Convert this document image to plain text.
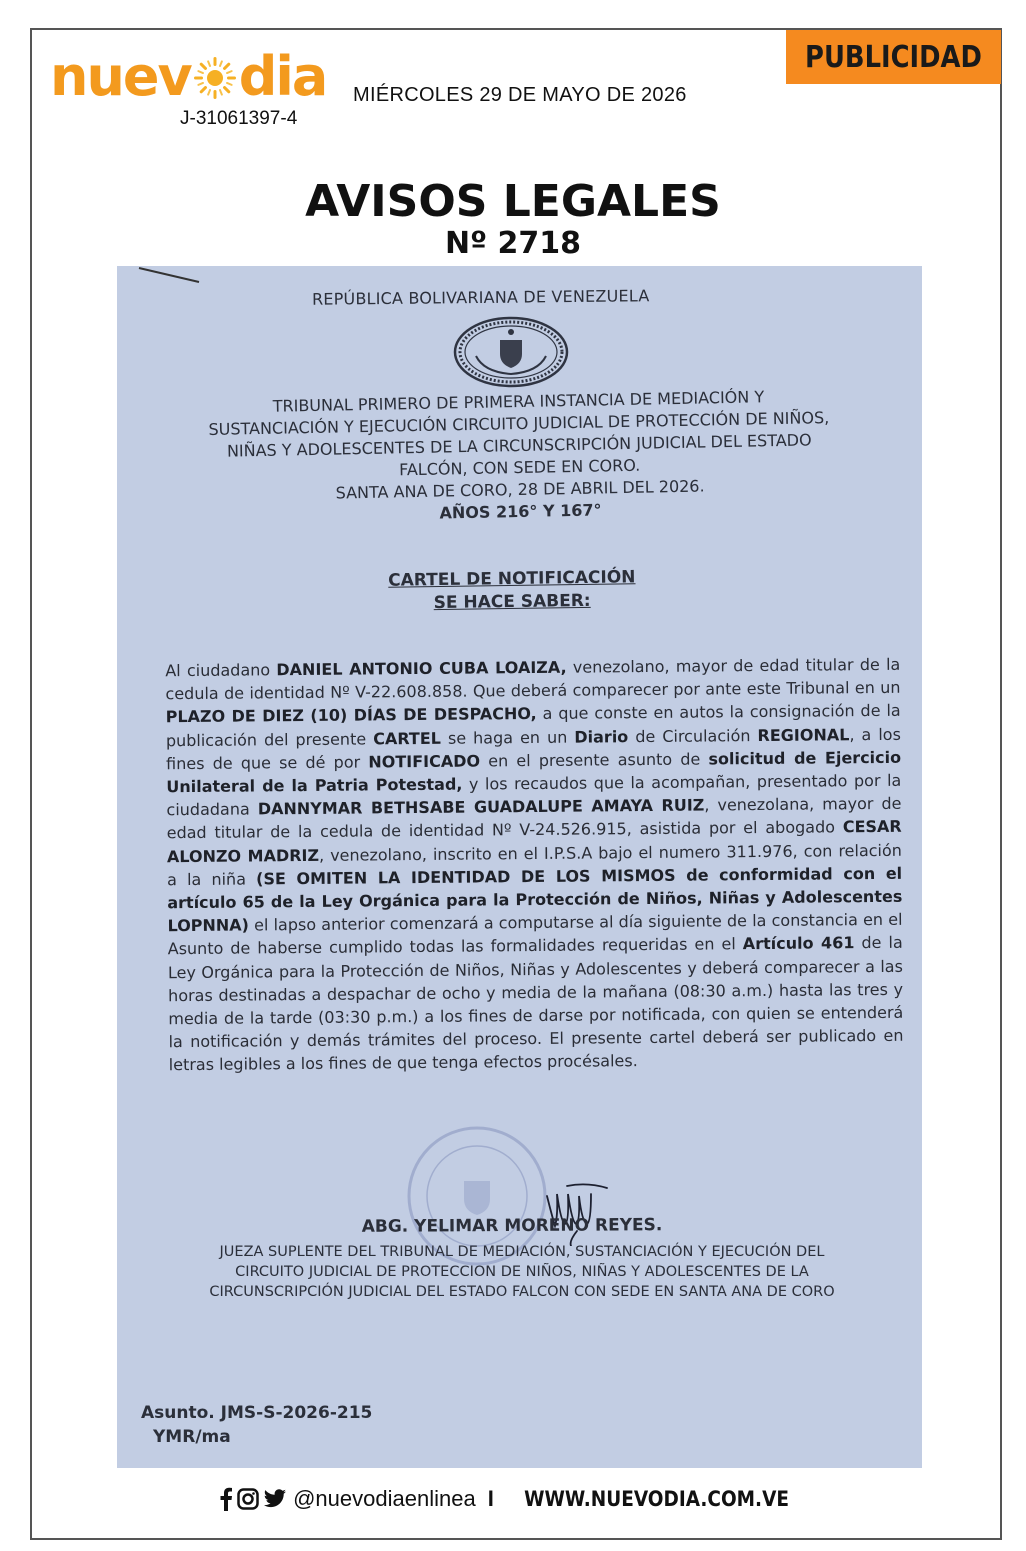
nuev dia
J-31061397-4
MIÉRCOLES 29 DE MAYO DE 2026
PUBLICIDAD
AVISOS LEGALES
Nº 2718
REPÚBLICA BOLIVARIANA DE VENEZUELA
TRIBUNAL PRIMERO DE PRIMERA INSTANCIA DE MEDIACIÓN Y
SUSTANCIACIÓN Y EJECUCIÓN CIRCUITO JUDICIAL DE PROTECCIÓN DE NIÑOS,
NIÑAS Y ADOLESCENTES DE LA CIRCUNSCRIPCIÓN JUDICIAL DEL ESTADO
FALCÓN, CON SEDE EN CORO.
SANTA ANA DE CORO, 28 DE ABRIL DEL 2026.
AÑOS 216° Y 167°
CARTEL DE NOTIFICACIÓN
SE HACE SABER:
Al ciudadano DANIEL ANTONIO CUBA LOAIZA, venezolano, mayor de edad titular de la cedula de identidad Nº V-22.608.858. Que deberá comparecer por ante este Tribunal en un PLAZO DE DIEZ (10) DÍAS DE DESPACHO, a que conste en autos la consignación de la publicación del presente CARTEL se haga en un Diario de Circulación REGIONAL, a los fines de que se dé por NOTIFICADO en el presente asunto de solicitud de Ejercicio Unilateral de la Patria Potestad, y los recaudos que la acompañan, presentado por la ciudadana DANNYMAR BETHSABE GUADALUPE AMAYA RUIZ, venezolana, mayor de edad titular de la cedula de identidad Nº V-24.526.915, asistida por el abogado CESAR ALONZO MADRIZ, venezolano, inscrito en el I.P.S.A bajo el numero 311.976, con relación a la niña (SE OMITEN LA IDENTIDAD DE LOS MISMOS de conformidad con el artículo 65 de la Ley Orgánica para la Protección de Niños, Niñas y Adolescentes LOPNNA) el lapso anterior comenzará a computarse al día siguiente de la constancia en el Asunto de haberse cumplido todas las formalidades requeridas en el Artículo 461 de la Ley Orgánica para la Protección de Niños, Niñas y Adolescentes y deberá comparecer a las horas destinadas a despachar de ocho y media de la mañana (08:30 a.m.) hasta las tres y media de la tarde (03:30 p.m.) a los fines de darse por notificada, con quien se entenderá la notificación y demás trámites del proceso. El presente cartel deberá ser publicado en letras legibles a los fines de que tenga efectos procésales.
ABG. YELIMAR MORENO REYES.
JUEZA SUPLENTE DEL TRIBUNAL DE MEDIACIÓN, SUSTANCIACIÓN Y EJECUCIÓN DEL
CIRCUITO JUDICIAL DE PROTECCION DE NIÑOS, NIÑAS Y ADOLESCENTES DE LA
CIRCUNSCRIPCIÓN JUDICIAL DEL ESTADO FALCON CON SEDE EN SANTA ANA DE CORO
Asunto. JMS-S-2026-215
YMR/ma
@nuevodiaenlinea I WWW.NUEVODIA.COM.VE
